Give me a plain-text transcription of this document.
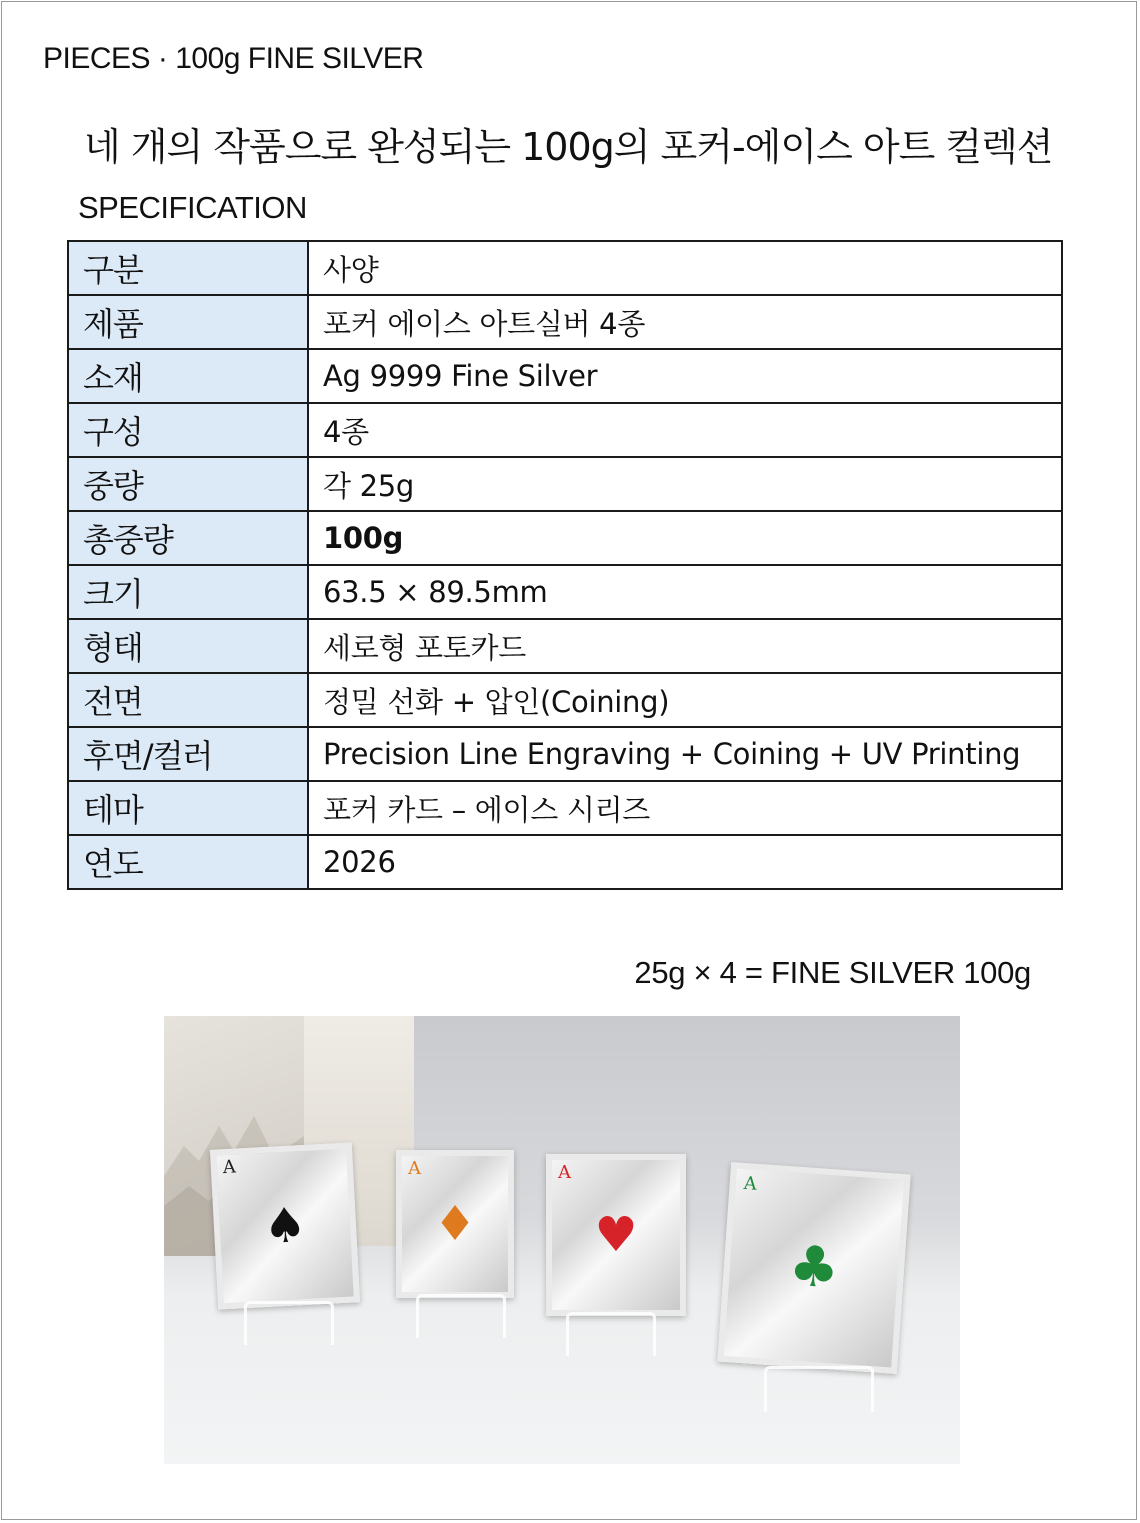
PIECES · 100g FINE SILVER
네 개의 작품으로 완성되는 100g의 포커-에이스 아트 컬렉션
SPECIFICATION
구분	사양
제품	포커 에이스 아트실버 4종
소재	Ag 9999 Fine Silver
구성	4종
중량	각 25g
총중량	100g
크기	63.5 × 89.5mm
형태	세로형 포토카드
전면	정밀 선화 + 압인(Coining)
후면/컬러	Precision Line Engraving + Coining + UV Printing
테마	포커 카드 – 에이스 시리즈
연도	2026
25g × 4 = FINE SILVER 100g
A
♠
A
♦
A
♥
A
♣
